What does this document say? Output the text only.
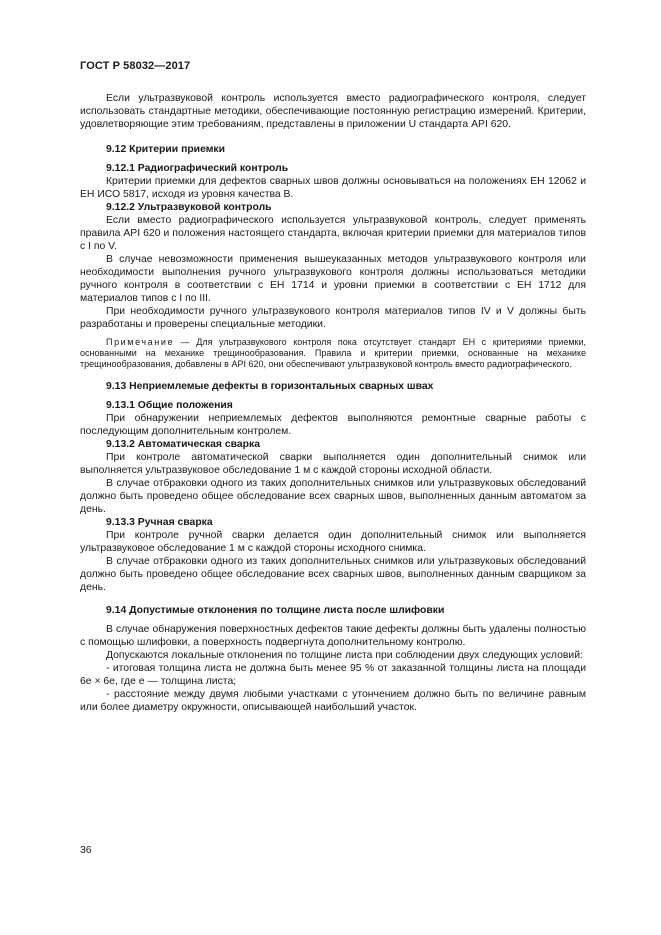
ГОСТ Р 58032—2017

Если ультразвуковой контроль используется вместо радиографического контроля, следует использовать стандартные методики, обеспечивающие постоянную регистрацию измерений. Критерии, удовлетворяющие этим требованиям, представлены в приложении U стандарта API 620.

9.12 Критерии приемки
9.12.1 Радиографический контроль

Критерии приемки для дефектов сварных швов должны основываться на положениях ЕН 12062 и ЕН ИСО 5817, исходя из уровня качества В.

9.12.2 Ультразвуковой контроль

Если вместо радиографического используется ультразвуковой контроль, следует применять правила API 620 и положения настоящего стандарта, включая критерии приемки для материалов типов с I по V.

В случае невозможности применения вышеуказанных методов ультразвукового контроля или необходимости выполнения ручного ультразвукового контроля должны использоваться методики ручного контроля в соответствии с ЕН 1714 и уровни приемки в соответствии с ЕН 1712 для материалов типов с I по III.

При необходимости ручного ультразвукового контроля материалов типов IV и V должны быть разработаны и проверены специальные методики.

Примечание — Для ультразвукового контроля пока отсутствует стандарт ЕН с критериями приемки, основанными на механике трещинообразования. Правила и критерии приемки, основанные на механике трещинообразования, добавлены в API 620, они обеспечивают ультразвуковой контроль вместо радиографического.

9.13 Неприемлемые дефекты в горизонтальных сварных швах
9.13.1 Общие положения

При обнаружении неприемлемых дефектов выполняются ремонтные сварные работы с последующим дополнительным контролем.

9.13.2 Автоматическая сварка

При контроле автоматической сварки выполняется один дополнительный снимок или выполняется ультразвуковое обследование 1 м с каждой стороны исходной области.

В случае отбраковки одного из таких дополнительных снимков или ультразвуковых обследований должно быть проведено общее обследование всех сварных швов, выполненных данным автоматом за день.

9.13.3 Ручная сварка

При контроле ручной сварки делается один дополнительный снимок или выполняется ультразвуковое обследование 1 м с каждой стороны исходного снимка.

В случае отбраковки одного из таких дополнительных снимков или ультразвуковых обследований должно быть проведено общее обследование всех сварных швов, выполненных данным сварщиком за день.

9.14 Допустимые отклонения по толщине листа после шлифовки

В случае обнаружения поверхностных дефектов такие дефекты должны быть удалены полностью с помощью шлифовки, а поверхность подвергнута дополнительному контролю.

Допускаются локальные отклонения по толщине листа при соблюдении двух следующих условий:

- итоговая толщина листа не должна быть менее 95 % от заказанной толщины листа на площади 6e × 6e, где e — толщина листа;

- расстояние между двумя любыми участками с утончением должно быть по величине равным или более диаметру окружности, описывающей наибольший участок.

36
